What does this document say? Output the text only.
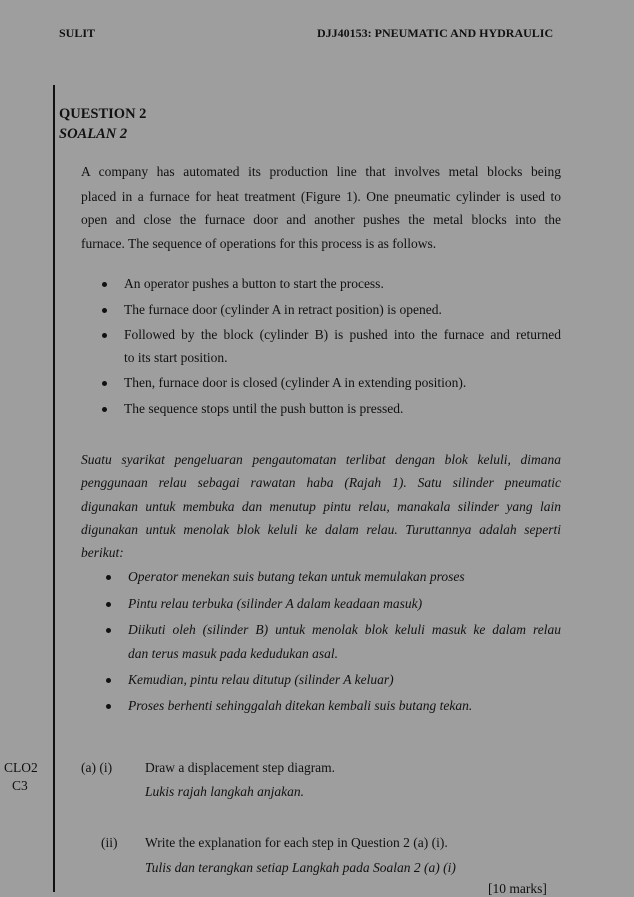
SULIT	DJJ40153: PNEUMATIC AND HYDRAULIC
QUESTION 2
SOALAN 2
A company has automated its production line that involves metal blocks being
placed in a furnace for heat treatment (Figure 1). One pneumatic cylinder is used to
open and close the furnace door and another pushes the metal blocks into the
furnace. The sequence of operations for this process is as follows.
An operator pushes a button to start the process.
The furnace door (cylinder A in retract position) is opened.
Followed by the block (cylinder B) is pushed into the furnace and returned
to its start position.
Then, furnace door is closed (cylinder A in extending position).
The sequence stops until the push button is pressed.
Suatu syarikat pengeluaran pengautomatan terlibat dengan blok keluli, dimana
penggunaan relau sebagai rawatan haba (Rajah 1). Satu silinder pneumatic
digunakan untuk membuka dan menutup pintu relau, manakala silinder yang lain
digunakan untuk menolak blok keluli ke dalam relau. Turuttannya adalah seperti
berikut:
Operator menekan suis butang tekan untuk memulakan proses
Pintu relau terbuka (silinder A dalam keadaan masuk)
Diikuti oleh (silinder B) untuk menolak blok keluli masuk ke dalam relau
dan terus masuk pada kedudukan asal.
Kemudian, pintu relau ditutup (silinder A keluar)
Proses berhenti sehinggalah ditekan kembali suis butang tekan.
CLO2
C3
(a) (i) Draw a displacement step diagram.
Lukis rajah langkah anjakan.
(ii) Write the explanation for each step in Question 2 (a) (i).
Tulis dan terangkan setiap Langkah pada Soalan 2 (a) (i)
[10 marks]
